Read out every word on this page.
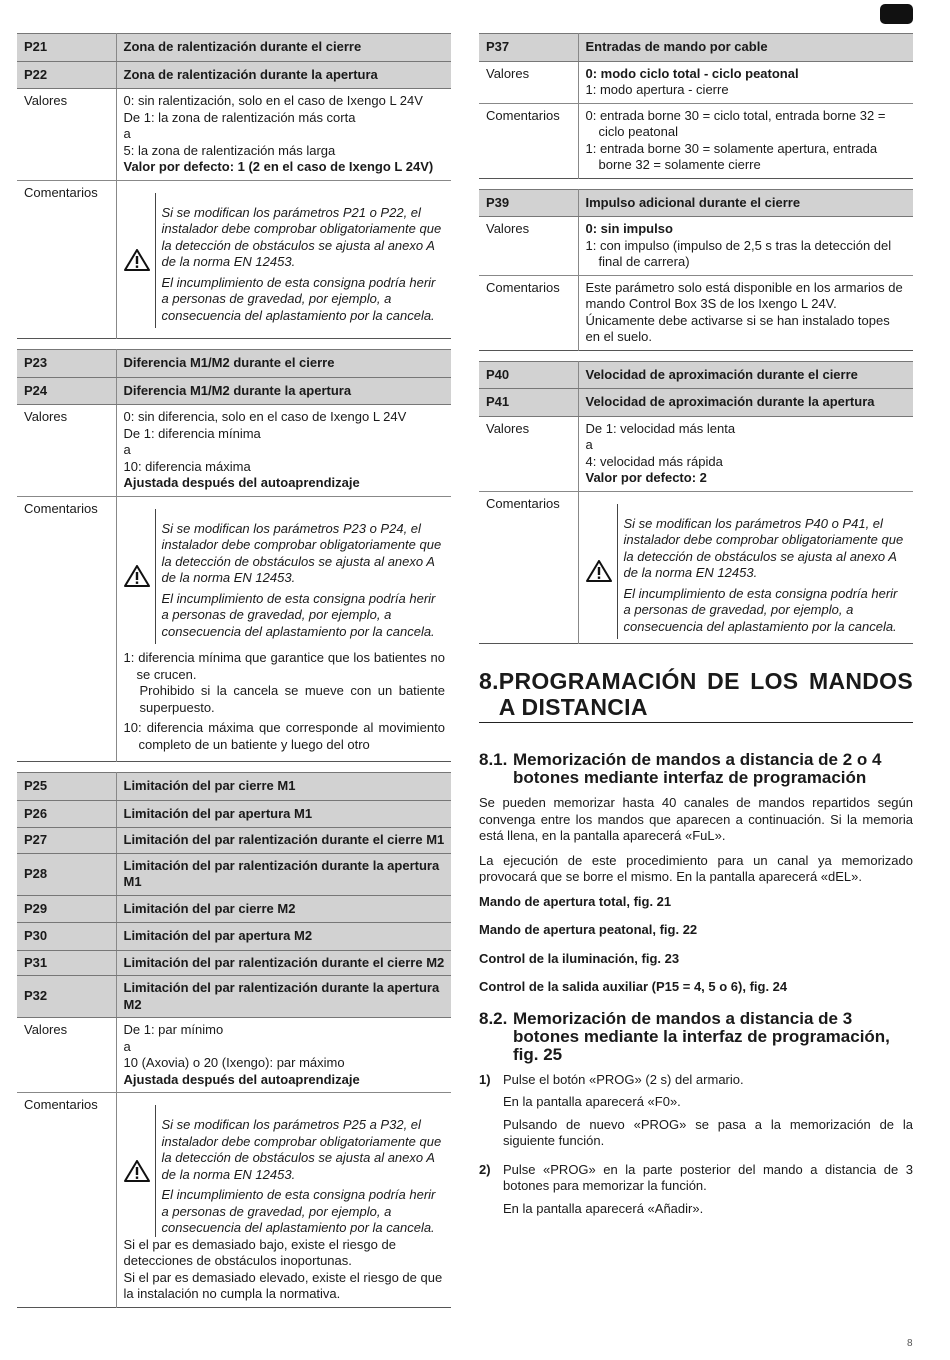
P21	Zona de ralentización durante el cierre
P22	Zona de ralentización durante la apertura
Valores	0: sin ralentización, solo en el caso de Ixengo L 24V
De 1: la zona de ralentización más corta
a
5: la zona de ralentización más larga
Valor por defecto: 1 (2 en el caso de Ixengo L 24V)

Comentarios	Si se modifican los parámetros P21 o P22, el instalador debe comprobar obligatoriamente que la detección de obstáculos se ajusta al anexo A de la norma EN 12453.

El incumplimiento de esta consigna podría herir a personas de gravedad, por ejemplo, a consecuencia del aplastamiento por la cancela.

P23	Diferencia M1/M2 durante el cierre
P24	Diferencia M1/M2 durante la apertura
Valores	0: sin diferencia, solo en el caso de Ixengo L 24V
De 1: diferencia mínima
a
10: diferencia máxima
Ajustada después del autoaprendizaje

Comentarios	Si se modifican los parámetros P23 o P24, el instalador debe comprobar obligatoriamente que la detección de obstáculos se ajusta al anexo A de la norma EN 12453.

El incumplimiento de esta consigna podría herir a personas de gravedad, por ejemplo, a consecuencia del aplastamiento por la cancela.

1: diferencia mínima que garantice que los batientes no se crucen.
Prohibido si la cancela se mueve con un batiente superpuesto.
10: diferencia máxima que corresponde al movimiento completo de un batiente y luego del otro
P25	Limitación del par cierre M1
P26	Limitación del par apertura M1
P27	Limitación del par ralentización durante el cierre M1
P28	Limitación del par ralentización durante la apertura M1
P29	Limitación del par cierre M2
P30	Limitación del par apertura M2
P31	Limitación del par ralentización durante el cierre M2
P32	Limitación del par ralentización durante la apertura M2
Valores	De 1: par mínimo
a
10 (Axovia) o 20 (Ixengo): par máximo
Ajustada después del autoaprendizaje

Comentarios	Si se modifican los parámetros P25 a P32, el instalador debe comprobar obligatoriamente que la detección de obstáculos se ajusta al anexo A de la norma EN 12453.

El incumplimiento de esta consigna podría herir a personas de gravedad, por ejemplo, a consecuencia del aplastamiento por la cancela.

Si el par es demasiado bajo, existe el riesgo de detecciones de obstáculos inoportunas.
Si el par es demasiado elevado, existe el riesgo de que la instalación no cumpla la normativa.
P37	Entradas de mando por cable
Valores	0: modo ciclo total - ciclo peatonal
1: modo apertura - cierre

Comentarios	0: entrada borne 30 = ciclo total, entrada borne 32 = ciclo peatonal
1: entrada borne 30 = solamente apertura, entrada borne 32 = solamente cierre
P39	Impulso adicional durante el cierre
Valores	0: sin impulso
1: con impulso (impulso de 2,5 s tras la detección del final de carrera)

Comentarios	Este parámetro solo está disponible en los armarios de mando Control Box 3S de los Ixengo L 24V. Únicamente debe activarse si se han instalado topes en el suelo.
P40	Velocidad de aproximación durante el cierre
P41	Velocidad de aproximación durante la apertura
Valores	De 1: velocidad más lenta
a
4: velocidad más rápida
Valor por defecto: 2

Comentarios	Si se modifican los parámetros P40 o P41, el instalador debe comprobar obligatoriamente que la detección de obstáculos se ajusta al anexo A de la norma EN 12453.

El incumplimiento de esta consigna podría herir a personas de gravedad, por ejemplo, a consecuencia del aplastamiento por la cancela.

8. PROGRAMACIÓN DE LOS MANDOS A DISTANCIA
8.1. Memorización de mandos a distancia de 2 o 4 botones mediante interfaz de programación

Se pueden memorizar hasta 40 canales de mandos repartidos según convenga entre los mandos que aparecen a continuación. Si la memoria está llena, en la pantalla aparecerá «FuL».

La ejecución de este procedimiento para un canal ya memorizado provocará que se borre el mismo. En la pantalla aparecerá «dEL».

Mando de apertura total, fig. 21

Mando de apertura peatonal, fig. 22

Control de la iluminación, fig. 23

Control de la salida auxiliar (P15 = 4, 5 o 6), fig. 24

8.2. Memorización de mandos a distancia de 3 botones mediante la interfaz de programación, fig. 25
1) Pulse el botón «PROG» (2 s) del armario.

En la pantalla aparecerá «F0».

Pulsando de nuevo «PROG» se pasa a la memorización de la siguiente función.

2) Pulse «PROG» en la parte posterior del mando a distancia de 3 botones para memorizar la función.

En la pantalla aparecerá «Añadir».

8
